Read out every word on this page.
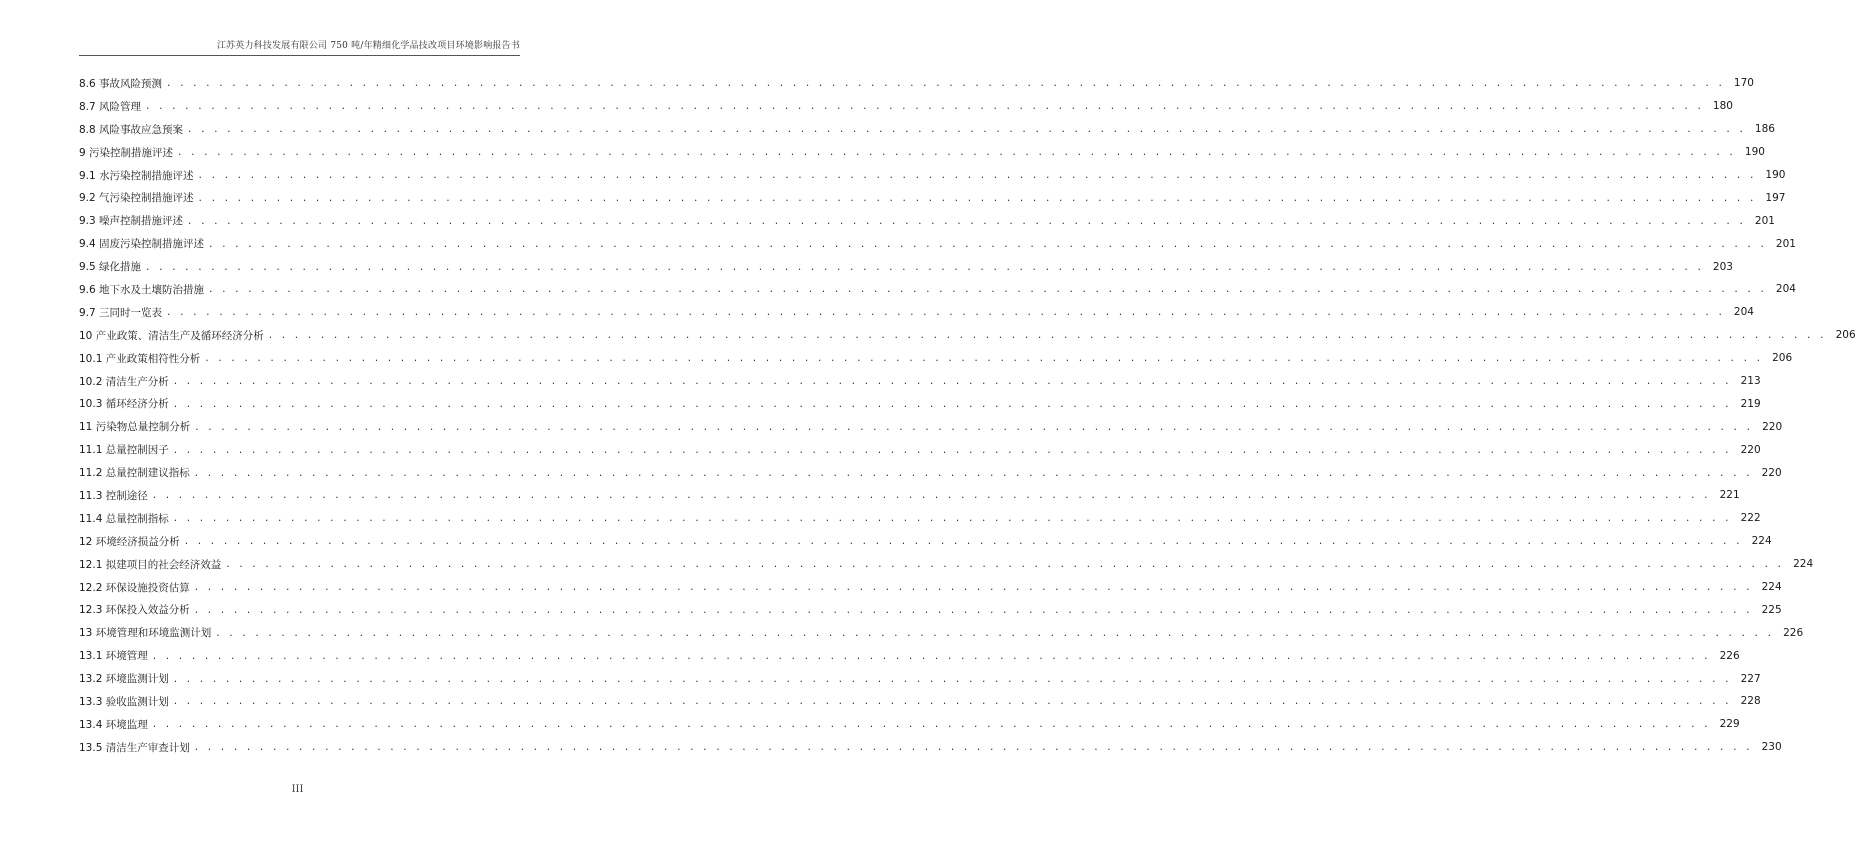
江苏英力科技发展有限公司 750 吨/年精细化学品技改项目环境影响报告书
8.6 事故风险预测 . . . . . . . . . . . . . . . . . . . . . . . . . . . . . . . . . . . . . . . . . . . . . . . . . . . . . . . . . . . . . . . . . . . . . . . . . . . . . . . . . . . . . . . . . . . . . . . . . . . . . . . . . . . . . . . . . . . . . . . . 170
8.7 风险管理 . . . . . . . . . . . . . . . . . . . . . . . . . . . . . . . . . . . . . . . . . . . . . . . . . . . . . . . . . . . . . . . . . . . . . . . . . . . . . . . . . . . . . . . . . . . . . . . . . . . . . . . . . . . . . . . . . . . . . . . . 180
8.8 风险事故应急预案 . . . . . . . . . . . . . . . . . . . . . . . . . . . . . . . . . . . . . . . . . . . . . . . . . . . . . . . . . . . . . . . . . . . . . . . . . . . . . . . . . . . . . . . . . . . . . . . . . . . . . . . . . . . . . . . . . . . . . . . . 186
9 污染控制措施评述 . . . . . . . . . . . . . . . . . . . . . . . . . . . . . . . . . . . . . . . . . . . . . . . . . . . . . . . . . . . . . . . . . . . . . . . . . . . . . . . . . . . . . . . . . . . . . . . . . . . . . . . . . . . . . . . . . . . . . . . . 190
9.1 水污染控制措施评述 . . . . . . . . . . . . . . . . . . . . . . . . . . . . . . . . . . . . . . . . . . . . . . . . . . . . . . . . . . . . . . . . . . . . . . . . . . . . . . . . . . . . . . . . . . . . . . . . . . . . . . . . . . . . . . . . . . . . . . . . 190
9.2 气污染控制措施评述 . . . . . . . . . . . . . . . . . . . . . . . . . . . . . . . . . . . . . . . . . . . . . . . . . . . . . . . . . . . . . . . . . . . . . . . . . . . . . . . . . . . . . . . . . . . . . . . . . . . . . . . . . . . . . . . . . . . . . . . . 197
9.3 噪声控制措施评述 . . . . . . . . . . . . . . . . . . . . . . . . . . . . . . . . . . . . . . . . . . . . . . . . . . . . . . . . . . . . . . . . . . . . . . . . . . . . . . . . . . . . . . . . . . . . . . . . . . . . . . . . . . . . . . . . . . . . . . . . 201
9.4 固废污染控制措施评述 . . . . . . . . . . . . . . . . . . . . . . . . . . . . . . . . . . . . . . . . . . . . . . . . . . . . . . . . . . . . . . . . . . . . . . . . . . . . . . . . . . . . . . . . . . . . . . . . . . . . . . . . . . . . . . . . . . . . . . . . 201
9.5 绿化措施 . . . . . . . . . . . . . . . . . . . . . . . . . . . . . . . . . . . . . . . . . . . . . . . . . . . . . . . . . . . . . . . . . . . . . . . . . . . . . . . . . . . . . . . . . . . . . . . . . . . . . . . . . . . . . . . . . . . . . . . . 203
9.6 地下水及土壤防治措施 . . . . . . . . . . . . . . . . . . . . . . . . . . . . . . . . . . . . . . . . . . . . . . . . . . . . . . . . . . . . . . . . . . . . . . . . . . . . . . . . . . . . . . . . . . . . . . . . . . . . . . . . . . . . . . . . . . . . . . . . 204
9.7 三同时一览表 . . . . . . . . . . . . . . . . . . . . . . . . . . . . . . . . . . . . . . . . . . . . . . . . . . . . . . . . . . . . . . . . . . . . . . . . . . . . . . . . . . . . . . . . . . . . . . . . . . . . . . . . . . . . . . . . . . . . . . . . 204
10 产业政策、清洁生产及循环经济分析 . . . . . . . . . . . . . . . . . . . . . . . . . . . . . . . . . . . . . . . . . . . . . . . . . . . . . . . . . . . . . . . . . . . . . . . . . . . . . . . . . . . . . . . . . . . . . . . . . . . . . . . . . . . . . . . . . . . . . . . . 206
10.1 产业政策相符性分析 . . . . . . . . . . . . . . . . . . . . . . . . . . . . . . . . . . . . . . . . . . . . . . . . . . . . . . . . . . . . . . . . . . . . . . . . . . . . . . . . . . . . . . . . . . . . . . . . . . . . . . . . . . . . . . . . . . . . . . . . 206
10.2 清洁生产分析 . . . . . . . . . . . . . . . . . . . . . . . . . . . . . . . . . . . . . . . . . . . . . . . . . . . . . . . . . . . . . . . . . . . . . . . . . . . . . . . . . . . . . . . . . . . . . . . . . . . . . . . . . . . . . . . . . . . . . . . . 213
10.3 循环经济分析 . . . . . . . . . . . . . . . . . . . . . . . . . . . . . . . . . . . . . . . . . . . . . . . . . . . . . . . . . . . . . . . . . . . . . . . . . . . . . . . . . . . . . . . . . . . . . . . . . . . . . . . . . . . . . . . . . . . . . . . . 219
11 污染物总量控制分析 . . . . . . . . . . . . . . . . . . . . . . . . . . . . . . . . . . . . . . . . . . . . . . . . . . . . . . . . . . . . . . . . . . . . . . . . . . . . . . . . . . . . . . . . . . . . . . . . . . . . . . . . . . . . . . . . . . . . . . . . 220
11.1 总量控制因子 . . . . . . . . . . . . . . . . . . . . . . . . . . . . . . . . . . . . . . . . . . . . . . . . . . . . . . . . . . . . . . . . . . . . . . . . . . . . . . . . . . . . . . . . . . . . . . . . . . . . . . . . . . . . . . . . . . . . . . . . 220
11.2 总量控制建议指标 . . . . . . . . . . . . . . . . . . . . . . . . . . . . . . . . . . . . . . . . . . . . . . . . . . . . . . . . . . . . . . . . . . . . . . . . . . . . . . . . . . . . . . . . . . . . . . . . . . . . . . . . . . . . . . . . . . . . . . . . 220
11.3 控制途径 . . . . . . . . . . . . . . . . . . . . . . . . . . . . . . . . . . . . . . . . . . . . . . . . . . . . . . . . . . . . . . . . . . . . . . . . . . . . . . . . . . . . . . . . . . . . . . . . . . . . . . . . . . . . . . . . . . . . . . . . 221
11.4 总量控制指标 . . . . . . . . . . . . . . . . . . . . . . . . . . . . . . . . . . . . . . . . . . . . . . . . . . . . . . . . . . . . . . . . . . . . . . . . . . . . . . . . . . . . . . . . . . . . . . . . . . . . . . . . . . . . . . . . . . . . . . . . 222
12 环境经济损益分析 . . . . . . . . . . . . . . . . . . . . . . . . . . . . . . . . . . . . . . . . . . . . . . . . . . . . . . . . . . . . . . . . . . . . . . . . . . . . . . . . . . . . . . . . . . . . . . . . . . . . . . . . . . . . . . . . . . . . . . . . 224
12.1 拟建项目的社会经济效益 . . . . . . . . . . . . . . . . . . . . . . . . . . . . . . . . . . . . . . . . . . . . . . . . . . . . . . . . . . . . . . . . . . . . . . . . . . . . . . . . . . . . . . . . . . . . . . . . . . . . . . . . . . . . . . . . . . . . . . . . 224
12.2 环保设施投资估算 . . . . . . . . . . . . . . . . . . . . . . . . . . . . . . . . . . . . . . . . . . . . . . . . . . . . . . . . . . . . . . . . . . . . . . . . . . . . . . . . . . . . . . . . . . . . . . . . . . . . . . . . . . . . . . . . . . . . . . . . 224
12.3 环保投入效益分析 . . . . . . . . . . . . . . . . . . . . . . . . . . . . . . . . . . . . . . . . . . . . . . . . . . . . . . . . . . . . . . . . . . . . . . . . . . . . . . . . . . . . . . . . . . . . . . . . . . . . . . . . . . . . . . . . . . . . . . . . 225
13 环境管理和环境监测计划 . . . . . . . . . . . . . . . . . . . . . . . . . . . . . . . . . . . . . . . . . . . . . . . . . . . . . . . . . . . . . . . . . . . . . . . . . . . . . . . . . . . . . . . . . . . . . . . . . . . . . . . . . . . . . . . . . . . . . . . . 226
13.1 环境管理 . . . . . . . . . . . . . . . . . . . . . . . . . . . . . . . . . . . . . . . . . . . . . . . . . . . . . . . . . . . . . . . . . . . . . . . . . . . . . . . . . . . . . . . . . . . . . . . . . . . . . . . . . . . . . . . . . . . . . . . . 226
13.2 环境监测计划 . . . . . . . . . . . . . . . . . . . . . . . . . . . . . . . . . . . . . . . . . . . . . . . . . . . . . . . . . . . . . . . . . . . . . . . . . . . . . . . . . . . . . . . . . . . . . . . . . . . . . . . . . . . . . . . . . . . . . . . . 227
13.3 验收监测计划 . . . . . . . . . . . . . . . . . . . . . . . . . . . . . . . . . . . . . . . . . . . . . . . . . . . . . . . . . . . . . . . . . . . . . . . . . . . . . . . . . . . . . . . . . . . . . . . . . . . . . . . . . . . . . . . . . . . . . . . . 228
13.4 环境监理 . . . . . . . . . . . . . . . . . . . . . . . . . . . . . . . . . . . . . . . . . . . . . . . . . . . . . . . . . . . . . . . . . . . . . . . . . . . . . . . . . . . . . . . . . . . . . . . . . . . . . . . . . . . . . . . . . . . . . . . . 229
13.5 清洁生产审查计划 . . . . . . . . . . . . . . . . . . . . . . . . . . . . . . . . . . . . . . . . . . . . . . . . . . . . . . . . . . . . . . . . . . . . . . . . . . . . . . . . . . . . . . . . . . . . . . . . . . . . . . . . . . . . . . . . . . . . . . . . 230
III
